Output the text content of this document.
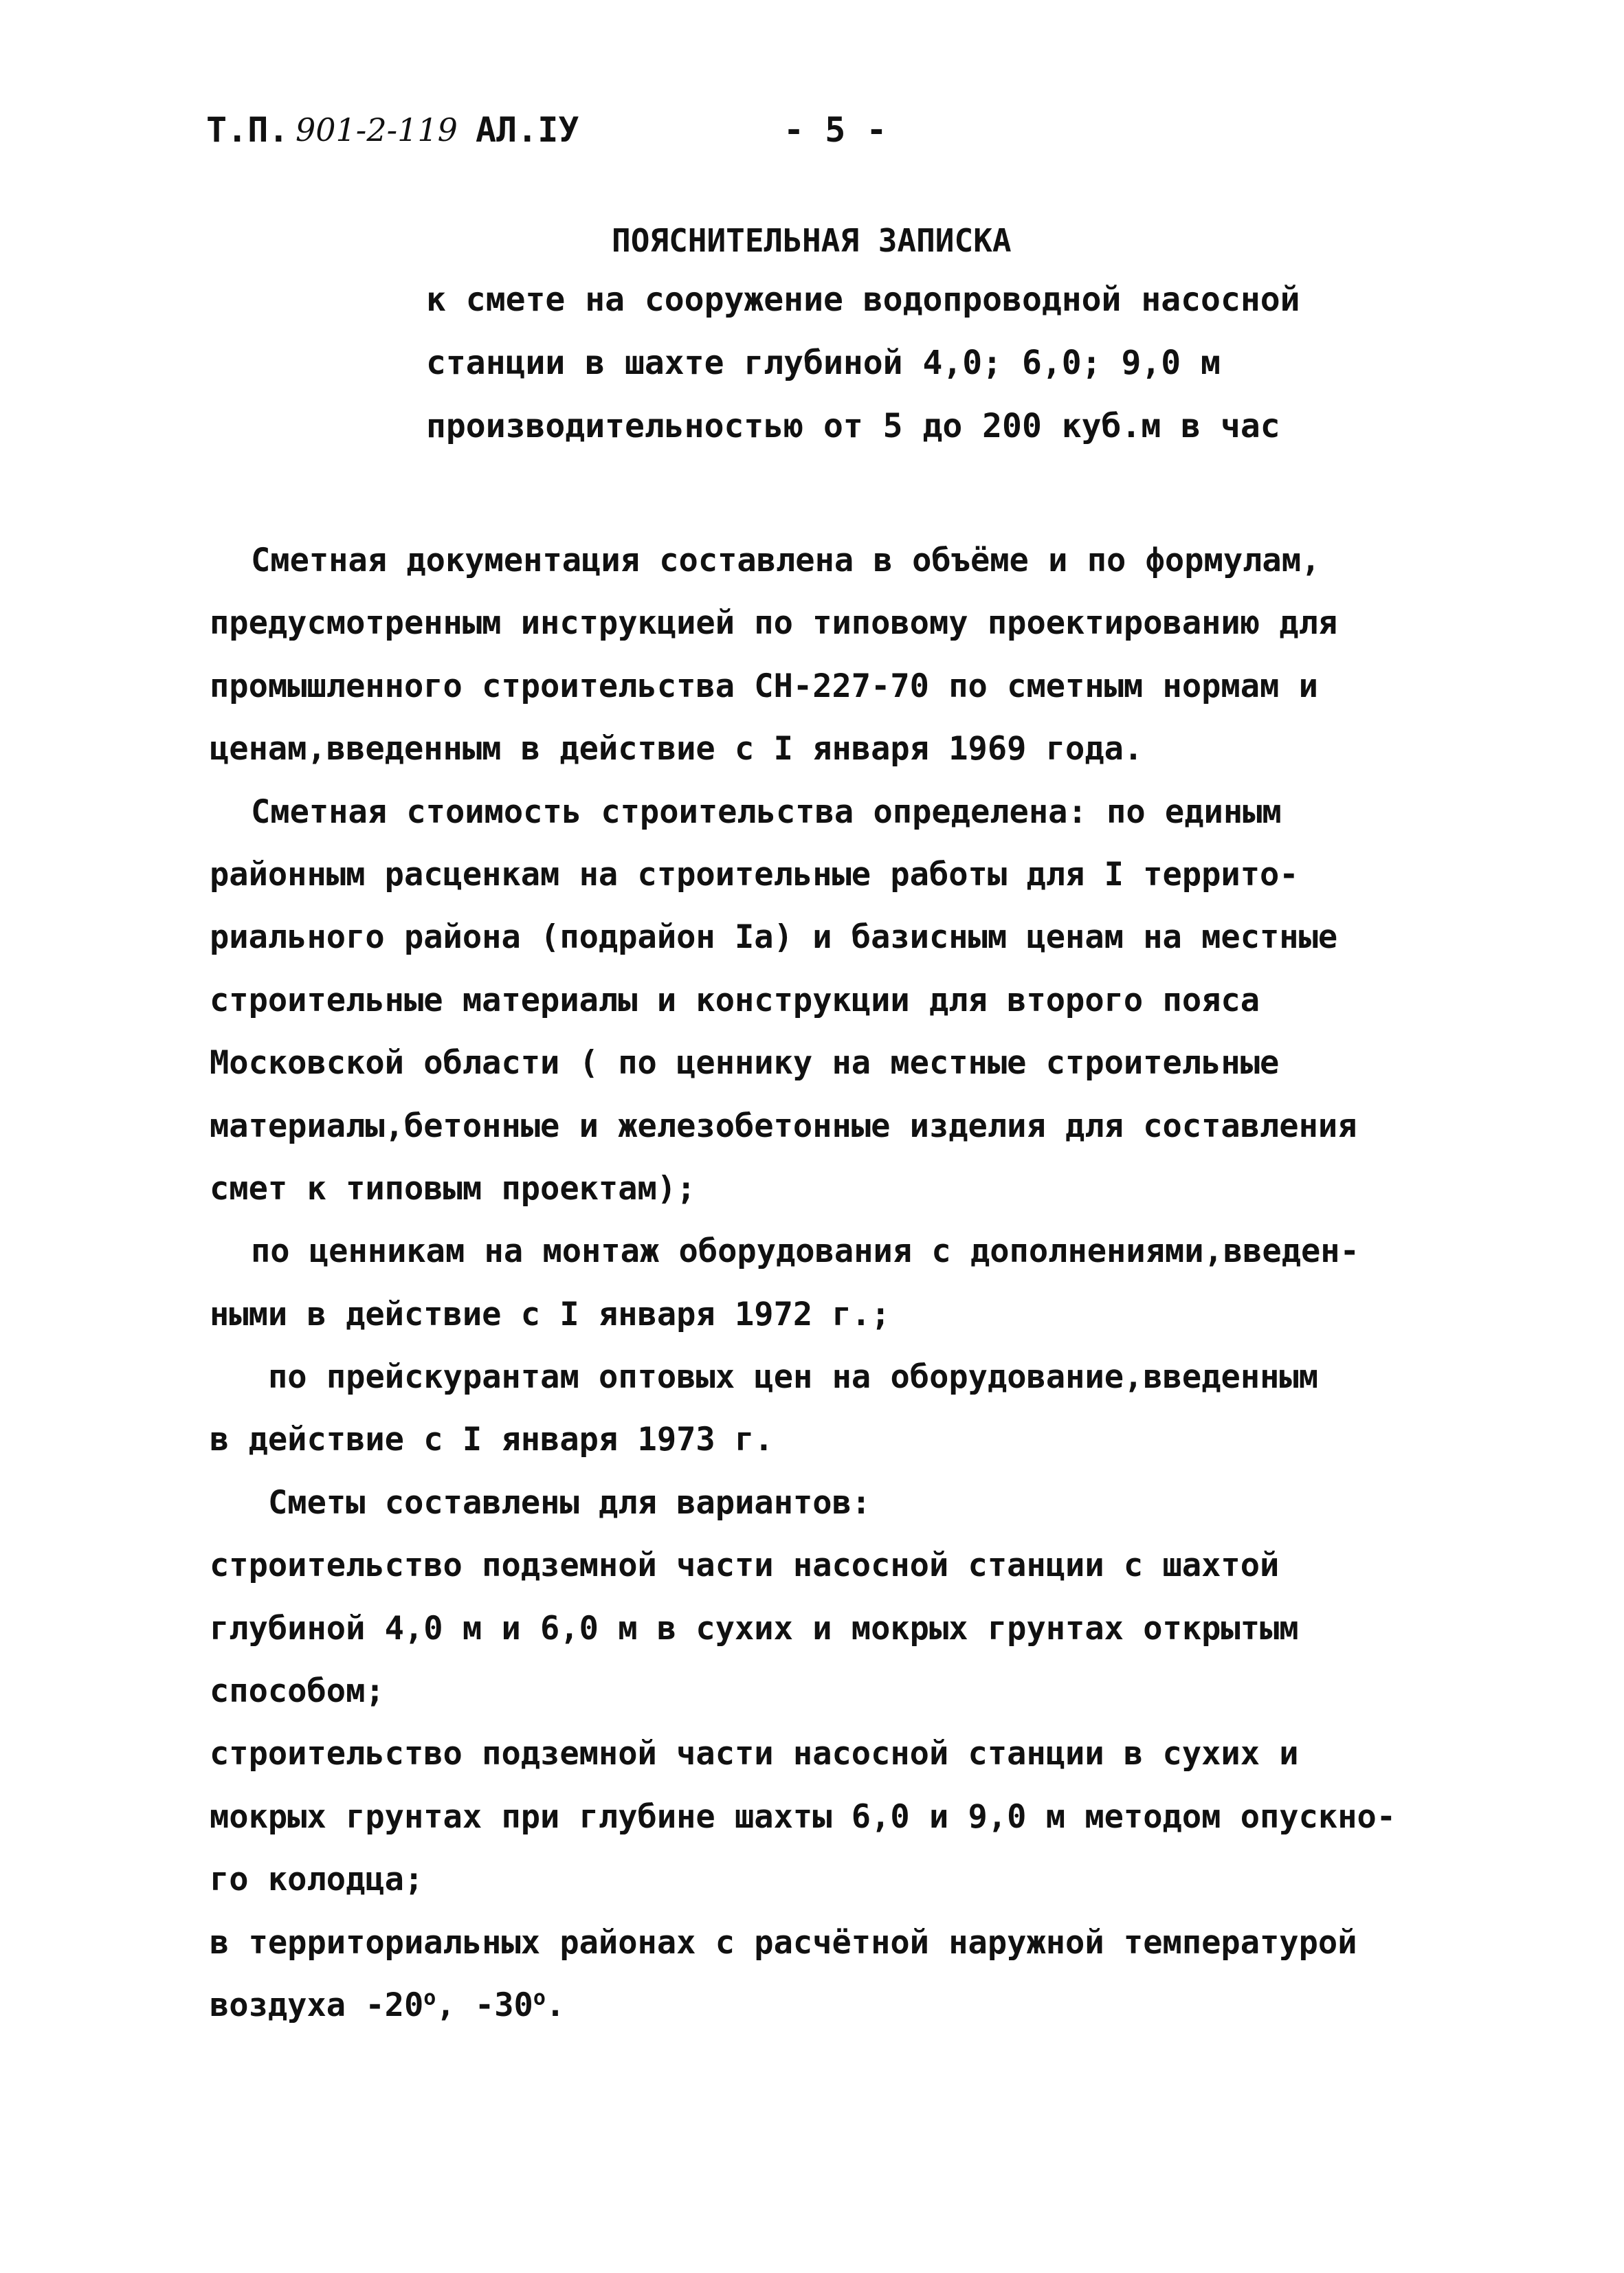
Т.П. 901-2-119 АЛ.IУ	- 5 -
ПОЯСНИТЕЛЬНАЯ ЗАПИСКА
к смете на сооружение водопроводной насосной
станции в шахте глубиной 4,0; 6,0; 9,0 м
производительностью от 5 до 200 куб.м в час
Сметная документация составлена в объёме и по формулам,
предусмотренным инструкцией по типовому проектированию для
промышленного строительства СН-227-70 по сметным нормам и
ценам,введенным в действие с I января 1969 года.
Сметная стоимость строительства определена: по единым
районным расценкам на строительные работы для I террито-
риального района (подрайон Iа) и базисным ценам на местные
строительные материалы и конструкции для второго пояса
Московской области ( по ценнику на местные строительные
материалы,бетонные и железобетонные изделия для составления
смет к типовым проектам);
по ценникам на монтаж оборудования с дополнениями,введен-
ными в действие с I января 1972 г.;
по прейскурантам оптовых цен на оборудование,введенным
в действие с I января 1973 г.
Сметы составлены для вариантов:
строительство подземной части насосной станции с шахтой
глубиной 4,0 м и 6,0 м в сухих и мокрых грунтах открытым
способом;
строительство подземной части насосной станции в сухих и
мокрых грунтах при глубине шахты 6,0 и 9,0 м методом опускно-
го колодца;
в территориальных районах с расчётной наружной температурой
воздуха $-20^о$, $-30^о$.
